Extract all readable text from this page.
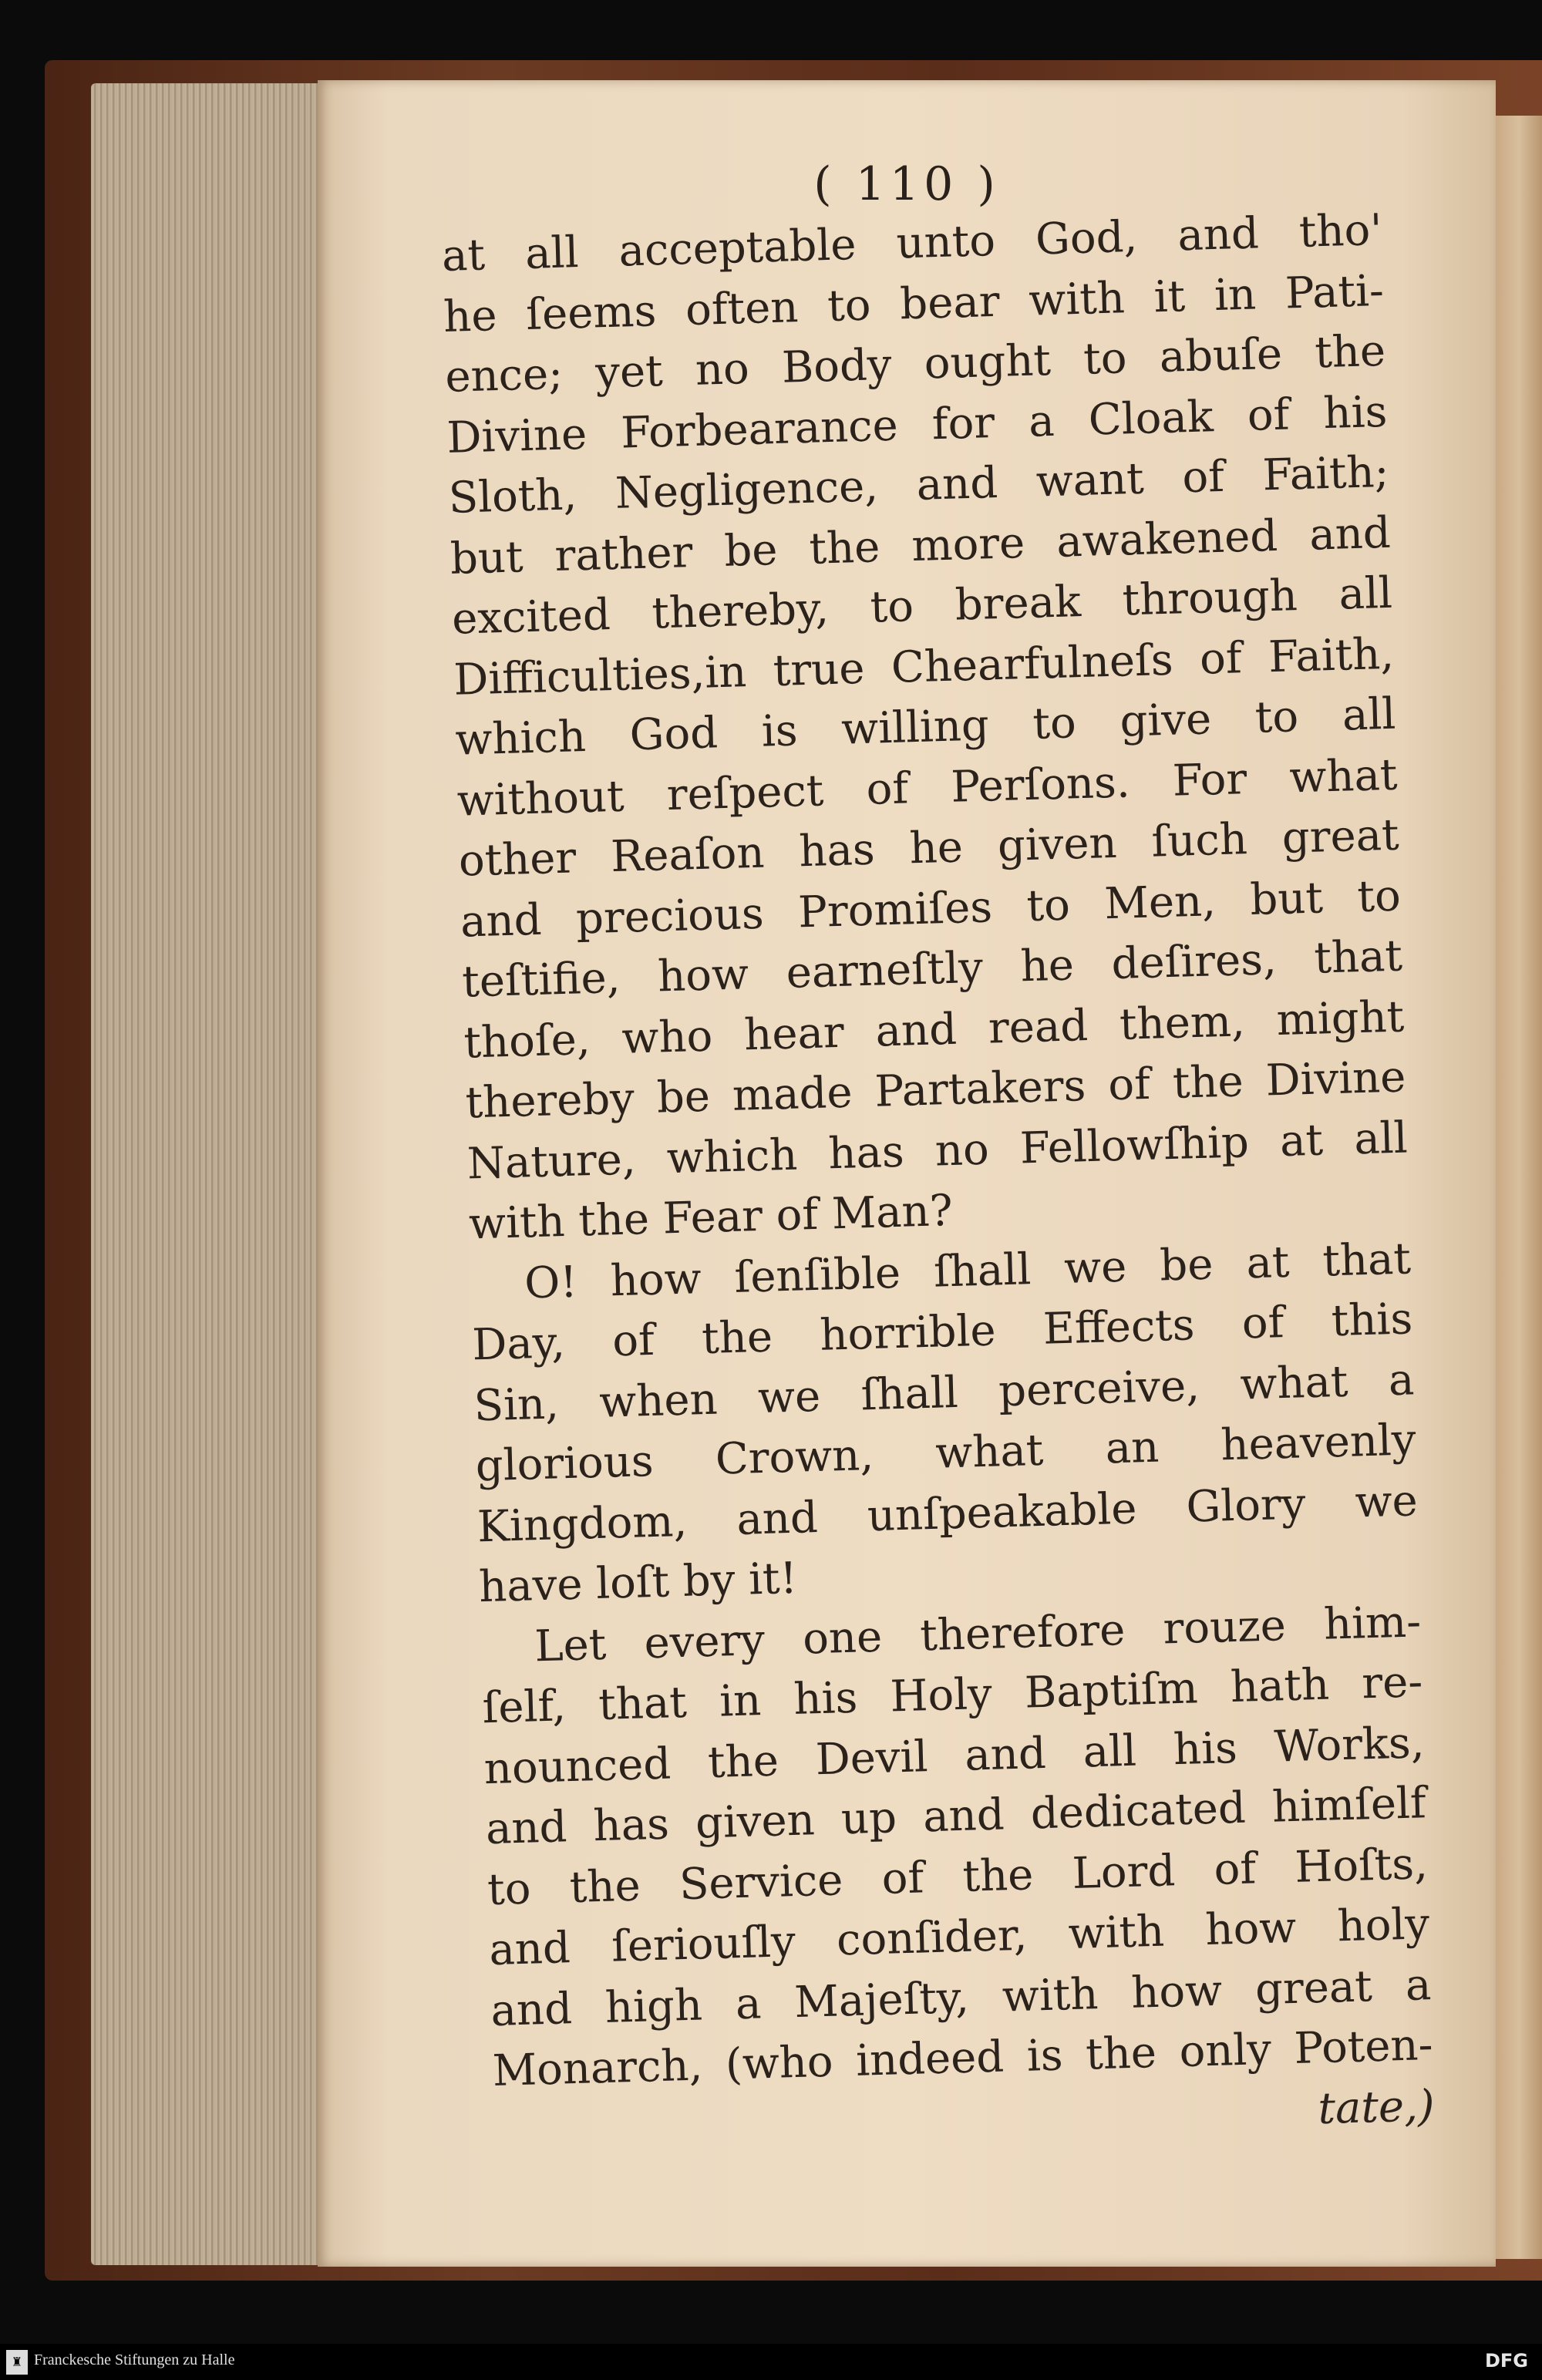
( 110 )
at all acceptable unto God, and tho'
he ſeems often to bear with it in Pati-
ence; yet no Body ought to abuſe the
Divine Forbearance for a Cloak of his
Sloth, Negligence, and want of Faith;
but rather be the more awakened and
excited thereby, to break through all
Difficulties,in true Chearfulneſs of Faith,
which God is willing to give to all
without reſpect of Perſons. For what
other Reaſon has he given ſuch great
and precious Promiſes to Men, but to
teſtifie, how earneſtly he deſires, that
thoſe, who hear and read them, might
thereby be made Partakers of the Divine
Nature, which has no Fellowſhip at all
with the Fear of Man?
O! how ſenſible ſhall we be at that
Day, of the horrible Effects of this
Sin, when we ſhall perceive, what a
glorious Crown, what an heavenly
Kingdom, and unſpeakable Glory we
have loſt by it!
Let every one therefore rouze him-
ſelf, that in his Holy Baptiſm hath re-
nounced the Devil and all his Works,
and has given up and dedicated himſelf
to the Service of the Lord of Hoſts,
and ſeriouſly conſider, with how holy
and high a Majeſty, with how great a
Monarch, (who indeed is the only Poten-
tate,)
♜ Franckesche Stiftungen zu Halle	DFG
